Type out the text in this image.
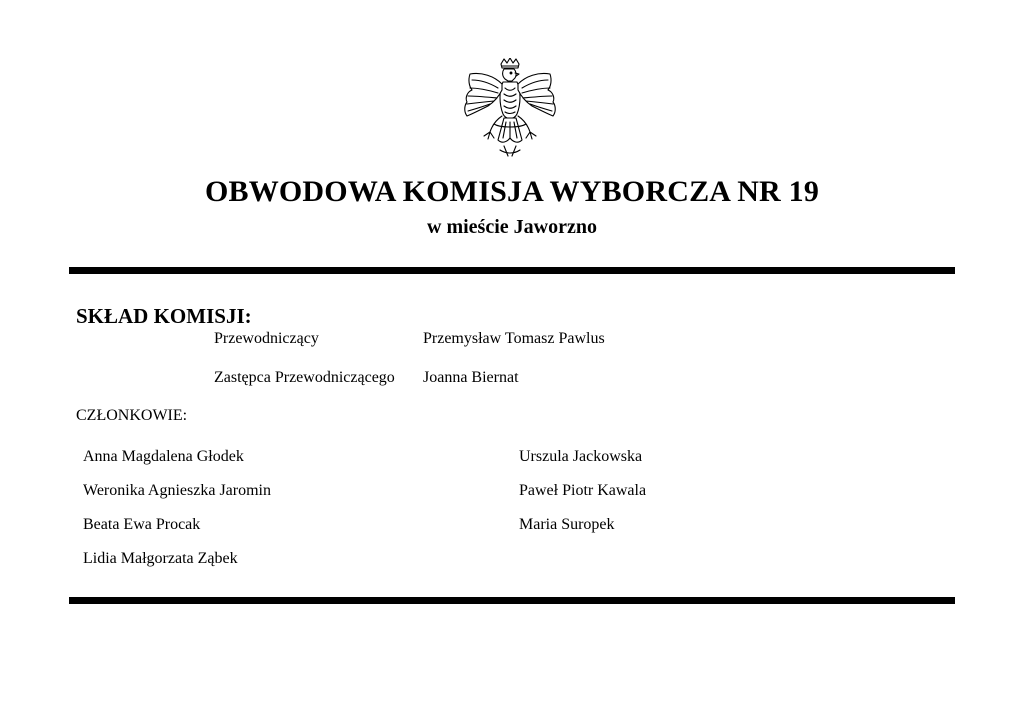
OBWODOWA KOMISJA WYBORCZA NR 19
w mieście Jaworzno
SKŁAD KOMISJI:
Przewodniczący	Przemysław Tomasz Pawlus
Zastępca Przewodniczącego Joanna Biernat
CZŁONKOWIE:
Anna Magdalena Głodek
Weronika Agnieszka Jaromin
Beata Ewa Procak
Lidia Małgorzata Ząbek
Urszula Jackowska
Paweł Piotr Kawala
Maria Suropek
